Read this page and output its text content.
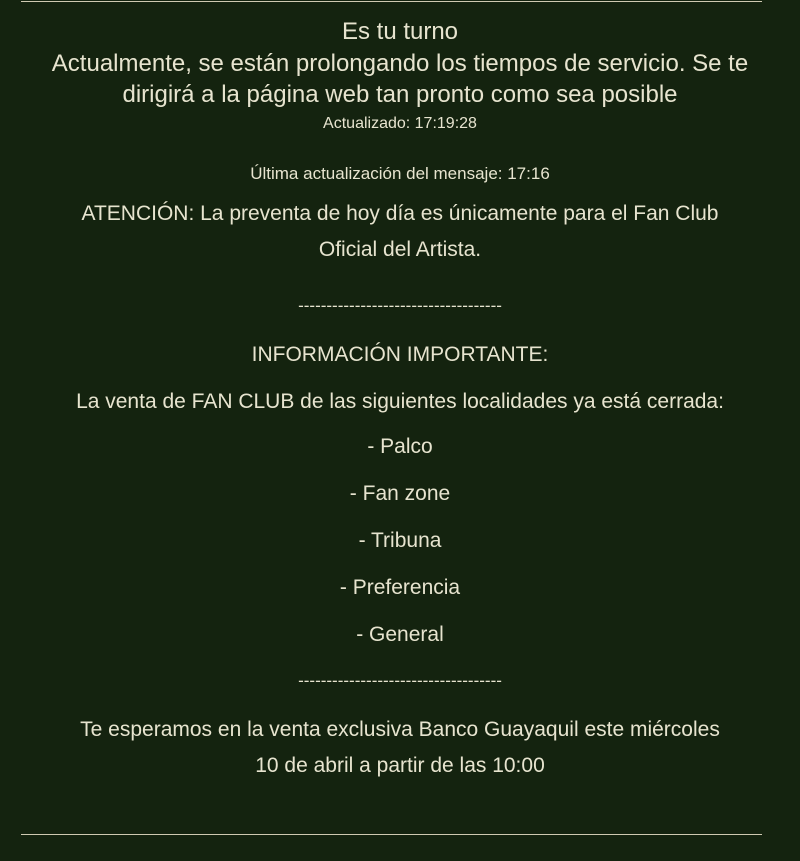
Es tu turno

Actualmente, se están prolongando los tiempos de servicio. Se te dirigirá a la página web tan pronto como sea posible

Actualizado: 17:19:28

Última actualización del mensaje: 17:16

ATENCIÓN: La preventa de hoy día es únicamente para el Fan Club Oficial del Artista.

------------------------------------

INFORMACIÓN IMPORTANTE:

La venta de FAN CLUB de las siguientes localidades ya está cerrada:

- Palco

- Fan zone

- Tribuna

- Preferencia

- General

------------------------------------

Te esperamos en la venta exclusiva Banco Guayaquil este miércoles 10 de abril a partir de las 10:00
